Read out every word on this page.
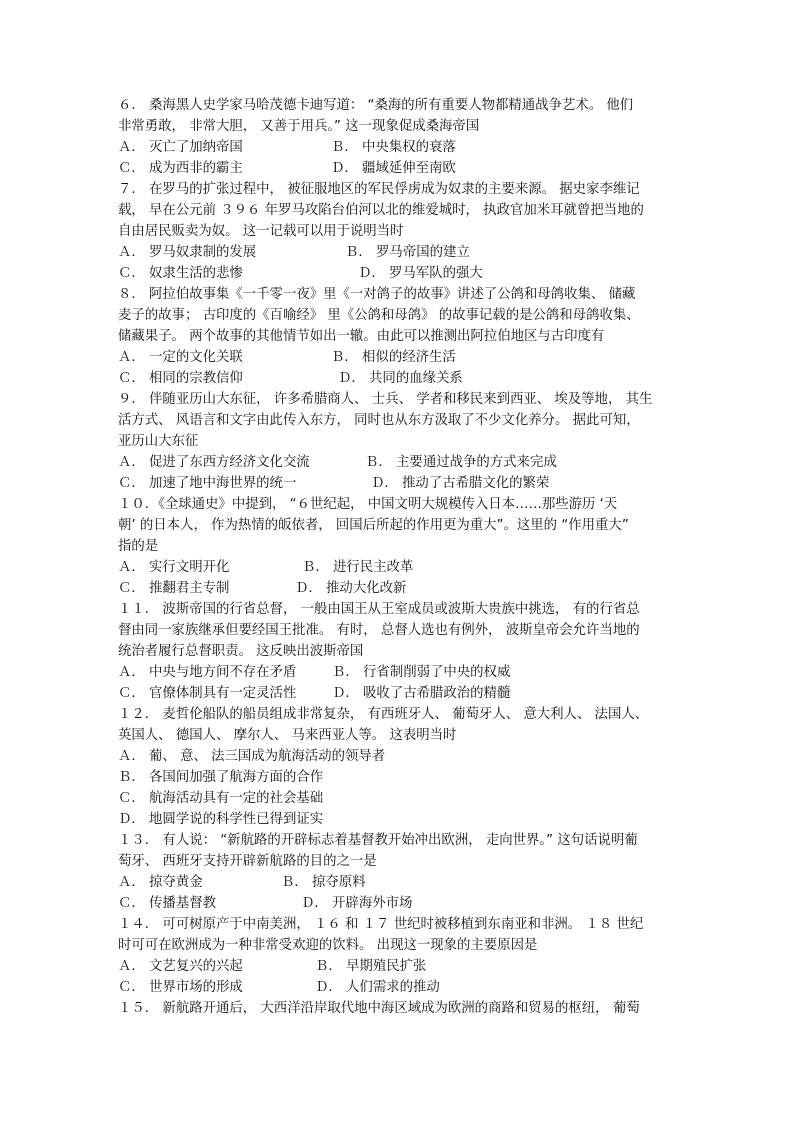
６． 桑海黑人史学家马哈茂德卡迪写道： “桑海的所有重要人物都精通战争艺术。 他们
非常勇敢， 非常大胆， 又善于用兵。” 这一现象促成桑海帝国
Ａ． 灭亡了加纳帝国	Ｂ． 中央集权的衰落
Ｃ． 成为西非的霸主	Ｄ． 疆域延伸至南欧
７． 在罗马的扩张过程中， 被征服地区的军民俘虏成为奴隶的主要来源。 据史家李维记
载， 早在公元前 ３９６ 年罗马攻陷台伯河以北的维爱城时， 执政官加米耳就曾把当地的
自由居民贩卖为奴。 这一记载可以用于说明当时
Ａ． 罗马奴隶制的发展	Ｂ． 罗马帝国的建立
Ｃ． 奴隶生活的悲惨	Ｄ． 罗马军队的强大
８． 阿拉伯故事集《一千零一夜》里《一对鸽子的故事》讲述了公鸽和母鸽收集、 储藏
麦子的故事； 古印度的《百喻经》 里《公鸽和母鸽》 的故事记载的是公鸽和母鸽收集、
储藏果子。 两个故事的其他情节如出一辙。由此可以推测出阿拉伯地区与古印度有
Ａ． 一定的文化关联	Ｂ． 相似的经济生活
Ｃ． 相同的宗教信仰	Ｄ． 共同的血缘关系
９． 伴随亚历山大东征， 许多希腊商人、 士兵、 学者和移民来到西亚、 埃及等地， 其生
活方式、 风语言和文字由此传入东方， 同时也从东方汲取了不少文化养分。 据此可知，
亚历山大东征
Ａ． 促进了东西方经济文化交流	Ｂ． 主要通过战争的方式来完成
Ｃ． 加速了地中海世界的统一	Ｄ． 推动了古希腊文化的繁荣
１０．《全球通史》中提到， “６世纪起， 中国文明大规模传入日本……那些游历 ‘天
朝’ 的日本人， 作为热情的皈依者， 回国后所起的作用更为重大”。这里的 “作用重大”
指的是
Ａ． 实行文明开化	Ｂ． 进行民主改革
Ｃ． 推翻君主专制	Ｄ． 推动大化改新
１１． 波斯帝国的行省总督， 一般由国王从王室成员或波斯大贵族中挑选， 有的行省总
督由同一家族继承但要经国王批准。 有时， 总督人选也有例外， 波斯皇帝会允许当地的
统治者履行总督职责。 这反映出波斯帝国
Ａ． 中央与地方间不存在矛盾	Ｂ． 行省制削弱了中央的权威
Ｃ． 官僚体制具有一定灵活性	Ｄ． 吸收了古希腊政治的精髓
１２． 麦哲伦船队的船员组成非常复杂， 有西班牙人、 葡萄牙人、 意大利人、 法国人、
英国人、 德国人、 摩尔人、 马来西亚人等。 这表明当时
Ａ． 葡、 意、 法三国成为航海活动的领导者
Ｂ． 各国间加强了航海方面的合作
Ｃ． 航海活动具有一定的社会基础
Ｄ． 地圆学说的科学性已得到证实
１３． 有人说： “新航路的开辟标志着基督教开始冲出欧洲， 走向世界。” 这句话说明葡
萄牙、 西班牙支持开辟新航路的目的之一是
Ａ． 掠夺黄金	Ｂ． 掠夺原料
Ｃ． 传播基督教	Ｄ． 开辟海外市场
１４． 可可树原产于中南美洲， １６ 和 １７ 世纪时被移植到东南亚和非洲。 １８ 世纪
时可可在欧洲成为一种非常受欢迎的饮料。 出现这一现象的主要原因是
Ａ． 文艺复兴的兴起	Ｂ． 早期殖民扩张
Ｃ． 世界市场的形成	Ｄ． 人们需求的推动
１５． 新航路开通后， 大西洋沿岸取代地中海区域成为欧洲的商路和贸易的枢纽， 葡萄
